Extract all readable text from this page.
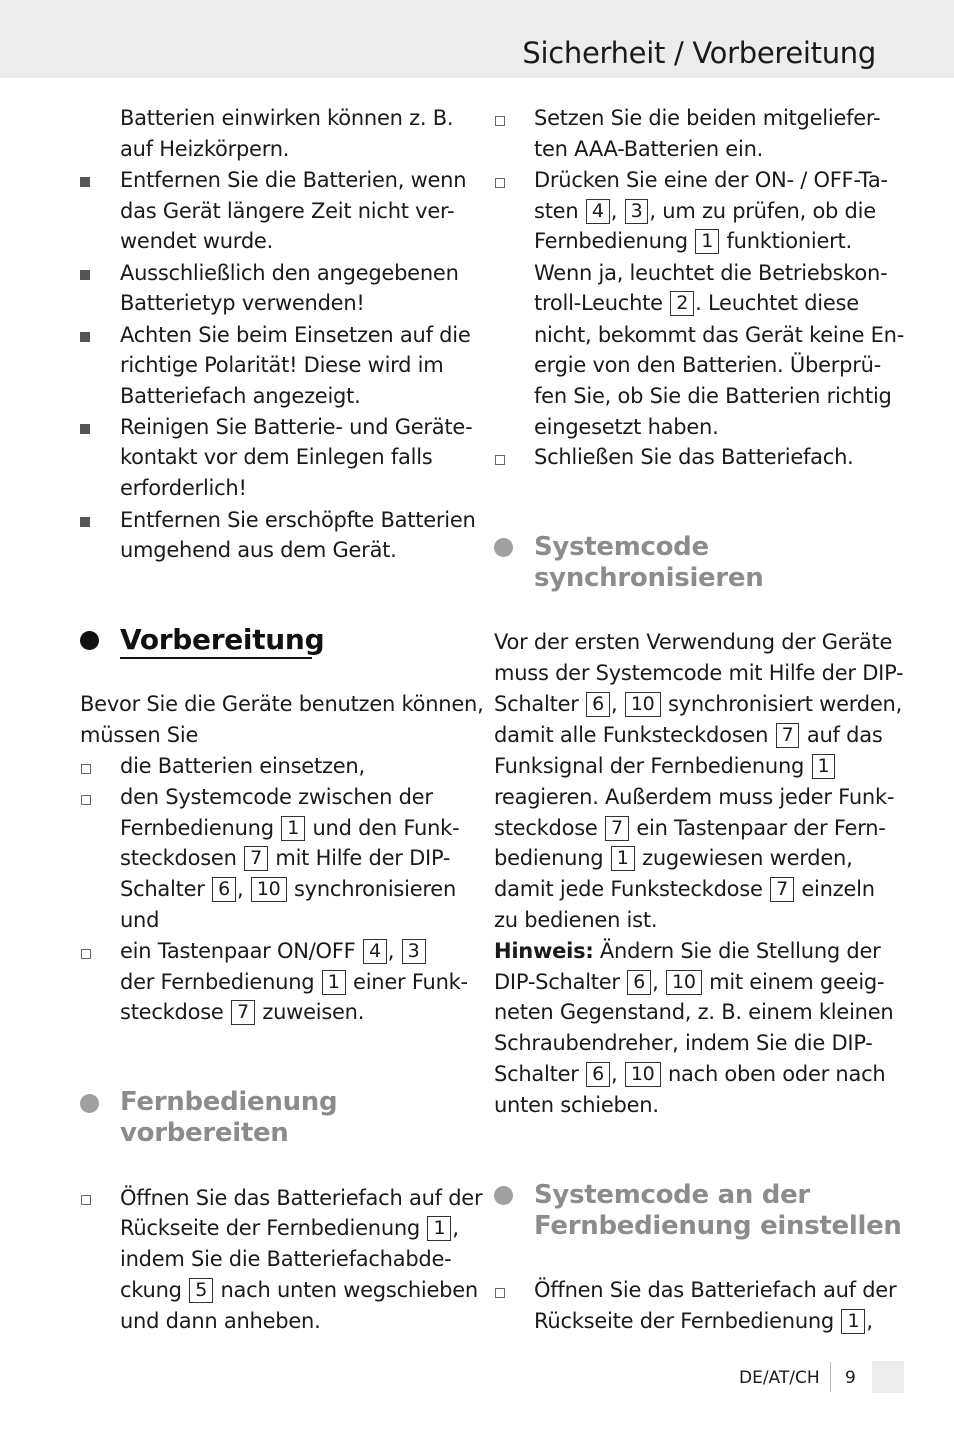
Sicherheit / Vorbereitung
Batterien einwirken können z. B.
auf Heizkörpern.
Entfernen Sie die Batterien, wenn
das Gerät längere Zeit nicht ver-
wendet wurde.
Ausschließlich den angegebenen
Batterietyp verwenden!
Achten Sie beim Einsetzen auf die
richtige Polarität! Diese wird im
Batteriefach angezeigt.
Reinigen Sie Batterie- und Geräte-
kontakt vor dem Einlegen falls
erforderlich!
Entfernen Sie erschöpfte Batterien
umgehend aus dem Gerät.
Vorbereitung
Bevor Sie die Geräte benutzen können,
müssen Sie
die Batterien einsetzen,
den Systemcode zwischen der
Fernbedienung 1 und den Funk-
steckdosen 7 mit Hilfe der DIP-
Schalter 6 , 10 synchronisieren
und
ein Tastenpaar ON/OFF 4 , 3
der Fernbedienung 1 einer Funk-
steckdose 7 zuweisen.
Fernbedienung
vorbereiten
Öffnen Sie das Batteriefach auf der
Rückseite der Fernbedienung 1 ,
indem Sie die Batteriefachabde-
ckung 5 nach unten wegschieben
und dann anheben.
Setzen Sie die beiden mitgeliefer-
ten AAA-Batterien ein.
Drücken Sie eine der ON- / OFF-Ta-
sten 4 , 3 , um zu prüfen, ob die
Fernbedienung 1 funktioniert.
Wenn ja, leuchtet die Betriebskon-
troll-Leuchte 2 . Leuchtet diese
nicht, bekommt das Gerät keine En-
ergie von den Batterien. Überprü-
fen Sie, ob Sie die Batterien richtig
eingesetzt haben.
Schließen Sie das Batteriefach.
Systemcode
synchronisieren
Vor der ersten Verwendung der Geräte
muss der Systemcode mit Hilfe der DIP-
Schalter 6 , 10 synchronisiert werden,
damit alle Funksteckdosen 7 auf das
Funksignal der Fernbedienung 1
reagieren. Außerdem muss jeder Funk-
steckdose 7 ein Tastenpaar der Fern-
bedienung 1 zugewiesen werden,
damit jede Funksteckdose 7 einzeln
zu bedienen ist.
Hinweis: Ändern Sie die Stellung der
DIP-Schalter 6 , 10 mit einem geeig-
neten Gegenstand, z. B. einem kleinen
Schraubendreher, indem Sie die DIP-
Schalter 6 , 10 nach oben oder nach
unten schieben.
Systemcode an der
Fernbedienung einstellen
Öffnen Sie das Batteriefach auf der
Rückseite der Fernbedienung 1 ,
DE/AT/CH 9
